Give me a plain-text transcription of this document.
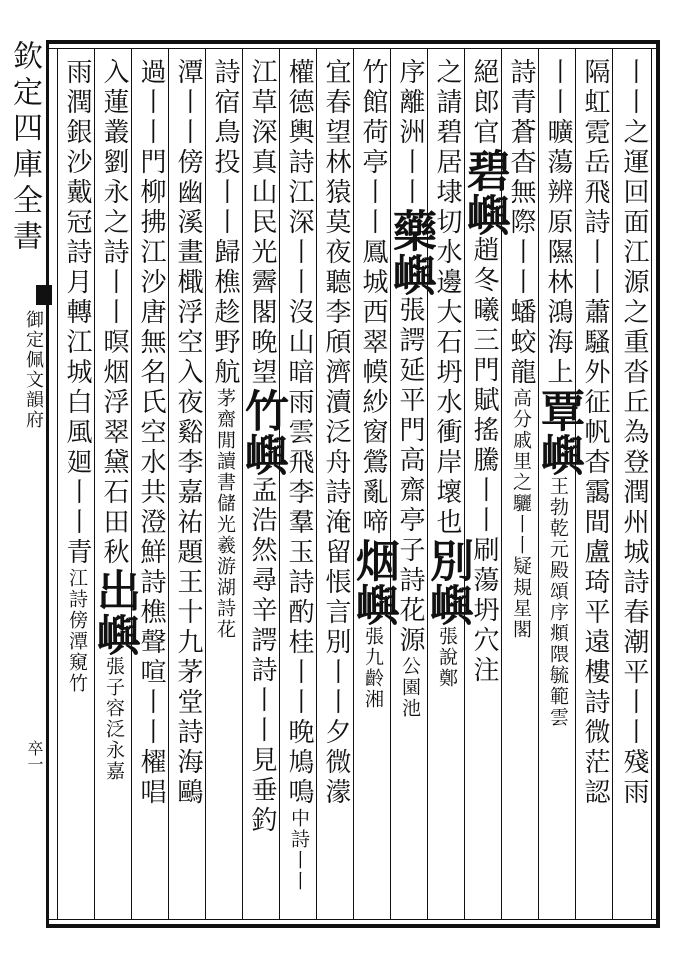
欽定四庫全書
御定佩文韻府
卒一	丨丨之運回面江源之重沓丘為登潤州城詩春潮平丨丨殘雨
隔虹霓岳飛詩丨丨蕭騷外征帆杳靄間盧琦平遠樓詩微茫認
丨丨曠蕩辨原隰林鴻海上覃嶼王勃乾元殿頌序頫隈毓範雲
詩青蒼杳無際丨丨蟠蛟龍高分戚里之驪丨丨疑規星閣
絕郎官碧嶼趙冬曦三門賦搖騰丨丨刷蕩坍穴注
之請碧居埭切水邊大石坍水衝岸壞也別嶼張說鄭
序離洲丨丨藥嶼張諤延平門高齋亭子詩花源公園池
竹館荷亭丨丨鳳城西翠幙紗窗鶯亂啼烟嶼張九齡湘
宜春望林猿莫夜聽李頎濟瀆泛舟詩淹留悵言別丨丨夕微濛
權德輿詩江深丨丨沒山暗雨雲飛李羣玉詩酌桂丨丨晚鳩鳴中詩丨丨
江草深真山民光霽閣晚望竹嶼孟浩然尋辛諤詩丨丨見垂釣
詩宿鳥投丨丨歸樵趁野航茅齋閒讀書儲光羲游湖詩花
潭丨丨傍幽溪畫檝浮空入夜谿李嘉祐題王十九茅堂詩海鷗
過丨丨門柳拂江沙唐無名氏空水共澄鮮詩樵聲喧丨丨櫂唱
入蓮叢劉永之詩丨丨暝烟浮翠黛石田秋出嶼張子容泛永嘉
雨潤銀沙戴冠詩月轉江城白風廻丨丨青江詩傍潭窺竹
